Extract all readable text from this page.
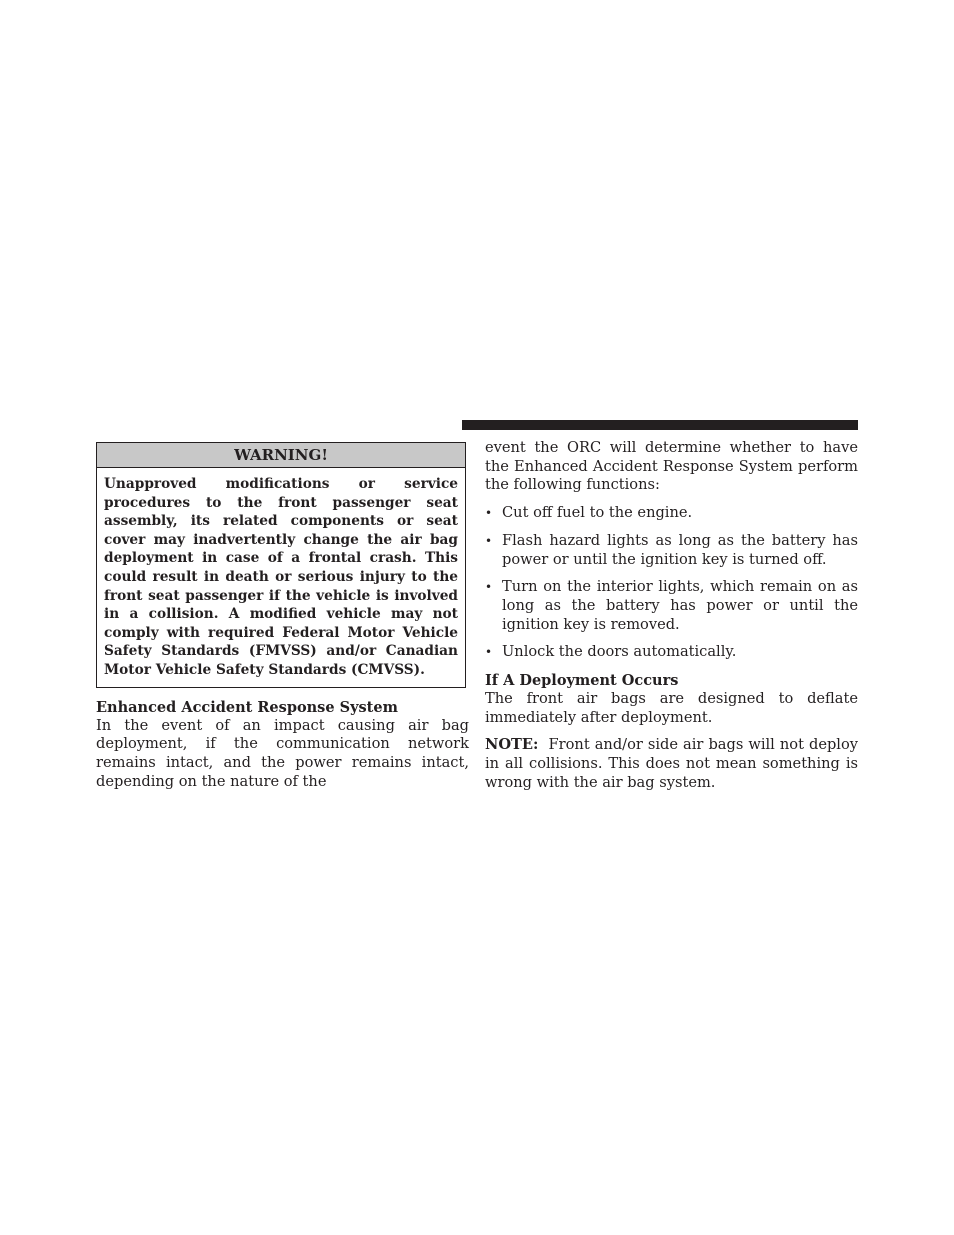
WARNING!
Unapproved modifications or service procedures to the front passenger seat assembly, its related components or seat cover may inadvertently change the air bag deployment in case of a frontal crash. This could result in death or serious injury to the front seat passenger if the vehicle is involved in a collision. A modified vehicle may not comply with required Federal Motor Vehicle Safety Standards (FMVSS) and/or Canadian Motor Vehicle Safety Standards (CMVSS).
Enhanced Accident Response System

In the event of an impact causing air bag deployment, if the communication network remains intact, and the power remains intact, depending on the nature of the

event the ORC will determine whether to have the Enhanced Accident Response System perform the following functions:

• Cut off fuel to the engine.
• Flash hazard lights as long as the battery has power or until the ignition key is turned off.
• Turn on the interior lights, which remain on as long as the battery has power or until the ignition key is removed.
• Unlock the doors automatically.
If A Deployment Occurs

The front air bags are designed to deflate immediately after deployment.

NOTE: Front and/or side air bags will not deploy in all collisions. This does not mean something is wrong with the air bag system.
